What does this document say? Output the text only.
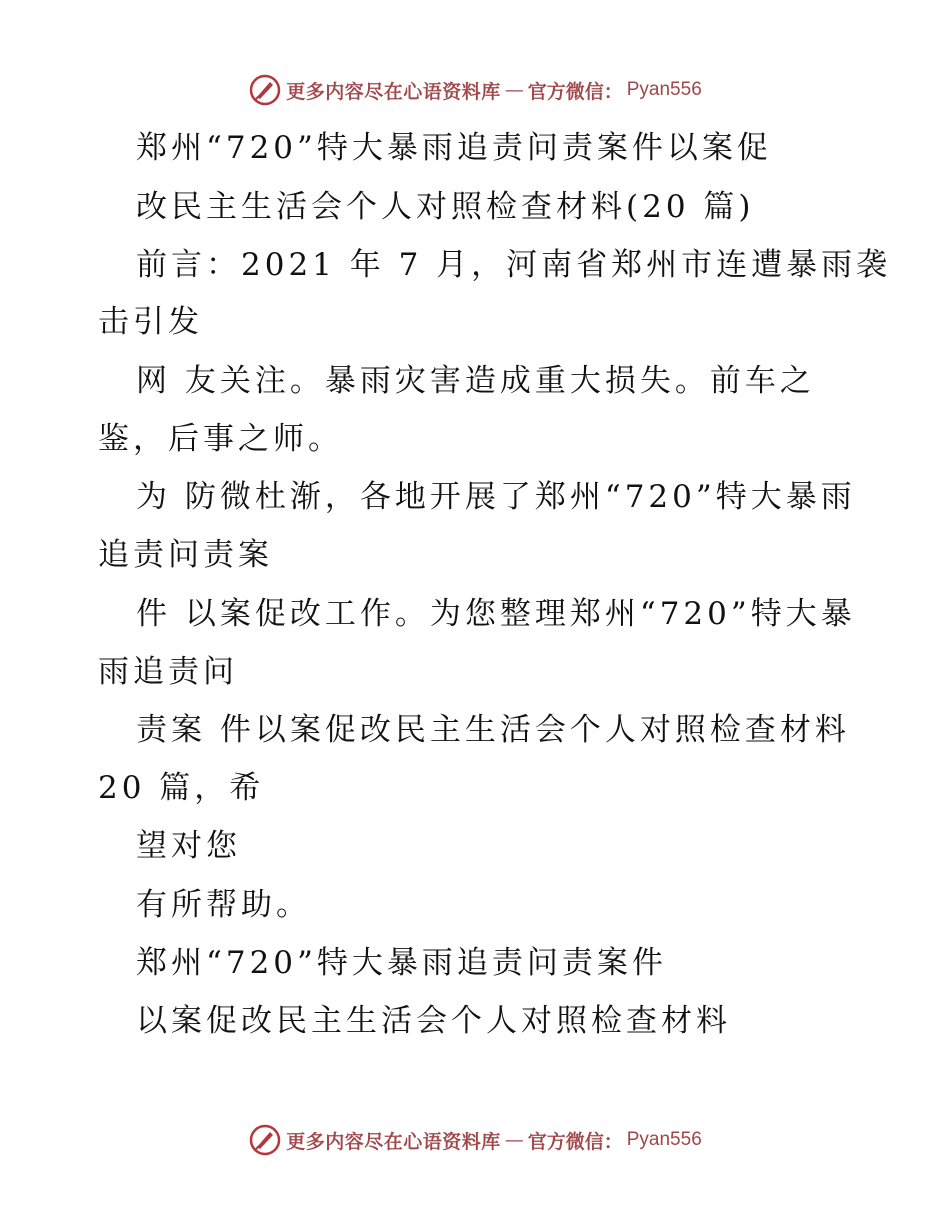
更多内容尽在心语资料库 — 官方微信： Pyan556
郑州“720”特大暴雨追责问责案件以案促
改民主生活会个人对照检查材料(20 篇)
前言：2021 年 7 月，河南省郑州市连遭暴雨袭
击引发
网 友关注。暴雨灾害造成重大损失。前车之
鉴，后事之师。
为 防微杜渐，各地开展了郑州“720”特大暴雨
追责问责案
件 以案促改工作。为您整理郑州“720”特大暴
雨追责问
责案 件以案促改民主生活会个人对照检查材料
20 篇，希
望对您
有所帮助。
郑州“720”特大暴雨追责问责案件
以案促改民主生活会个人对照检查材料
更多内容尽在心语资料库 — 官方微信： Pyan556
